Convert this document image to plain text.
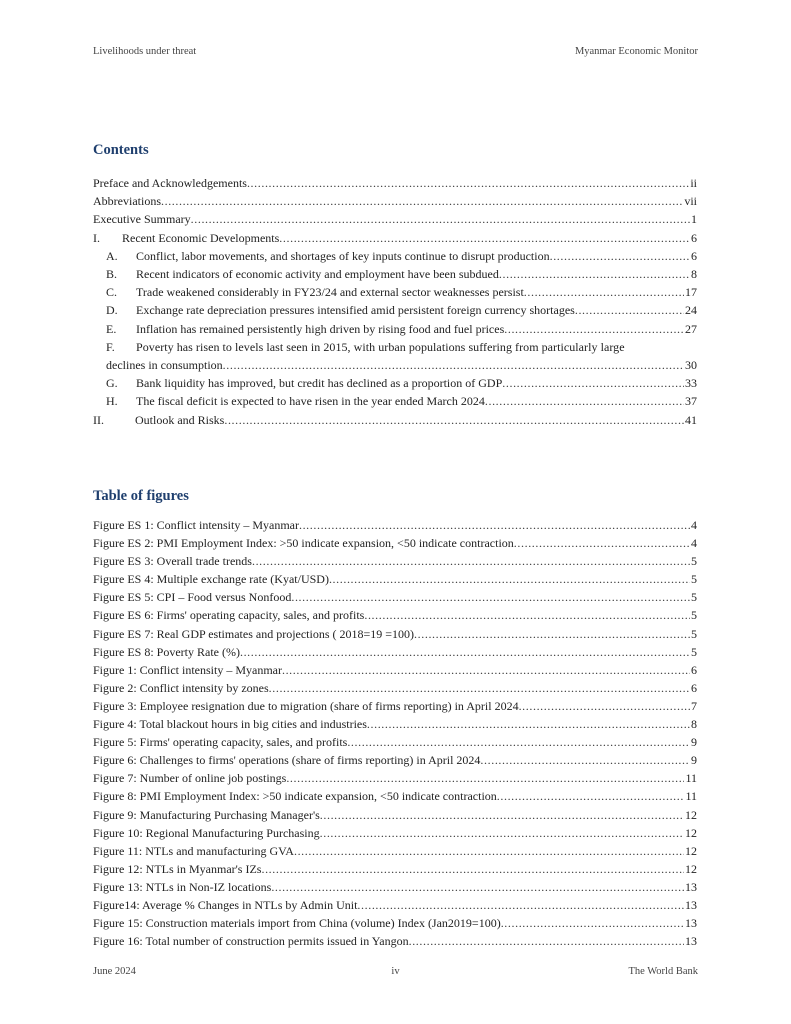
Livelihoods under threat	Myanmar Economic Monitor
Contents
Preface and Acknowledgements .....	ii
Abbreviations .....	vii
Executive Summary .....	1
I.	Recent Economic Developments .....	6
A.	Conflict, labor movements, and shortages of key inputs continue to disrupt production .....	6
B.	Recent indicators of economic activity and employment have been subdued .....	8
C.	Trade weakened considerably in FY23/24 and external sector weaknesses persist .....	17
D.	Exchange rate depreciation pressures intensified amid persistent foreign currency shortages .....	24
E.	Inflation has remained persistently high driven by rising food and fuel prices .....	27
F. Poverty has risen to levels last seen in 2015, with urban populations suffering from particularly large
declines in consumption .....	30
G.	Bank liquidity has improved, but credit has declined as a proportion of GDP .....	33
H.	The fiscal deficit is expected to have risen in the year ended March 2024 .....	37
II.	Outlook and Risks .....	41
Table of figures
Figure ES 1: Conflict intensity – Myanmar .....	4
Figure ES 2: PMI Employment Index: >50 indicate expansion, <50 indicate contraction .....	4
Figure ES 3: Overall trade trends .....	5
Figure ES 4: Multiple exchange rate (Kyat/USD) .....	5
Figure ES 5: CPI – Food versus Nonfood .....	5
Figure ES 6: Firms' operating capacity, sales, and profits .....	5
Figure ES 7: Real GDP estimates and projections ( 2018=19 =100) .....	5
Figure ES 8: Poverty Rate (%) .....	5
Figure 1: Conflict intensity – Myanmar .....	6
Figure 2: Conflict intensity by zones .....	6
Figure 3: Employee resignation due to migration (share of firms reporting) in April 2024 .....	7
Figure 4: Total blackout hours in big cities and industries .....	8
Figure 5: Firms' operating capacity, sales, and profits .....	9
Figure 6: Challenges to firms' operations (share of firms reporting) in April 2024 .....	9
Figure 7: Number of online job postings .....	11
Figure 8: PMI Employment Index: >50 indicate expansion, <50 indicate contraction .....	11
Figure 9: Manufacturing Purchasing Manager's .....	12
Figure 10: Regional Manufacturing Purchasing .....	12
Figure 11: NTLs and manufacturing GVA .....	12
Figure 12: NTLs in Myanmar's IZs .....	12
Figure 13: NTLs in Non-IZ locations .....	13
Figure14: Average % Changes in NTLs by Admin Unit .....	13
Figure 15: Construction materials import from China (volume) Index (Jan2019=100) .....	13
Figure 16: Total number of construction permits issued in Yangon .....	13
June 2024	iv	The World Bank
